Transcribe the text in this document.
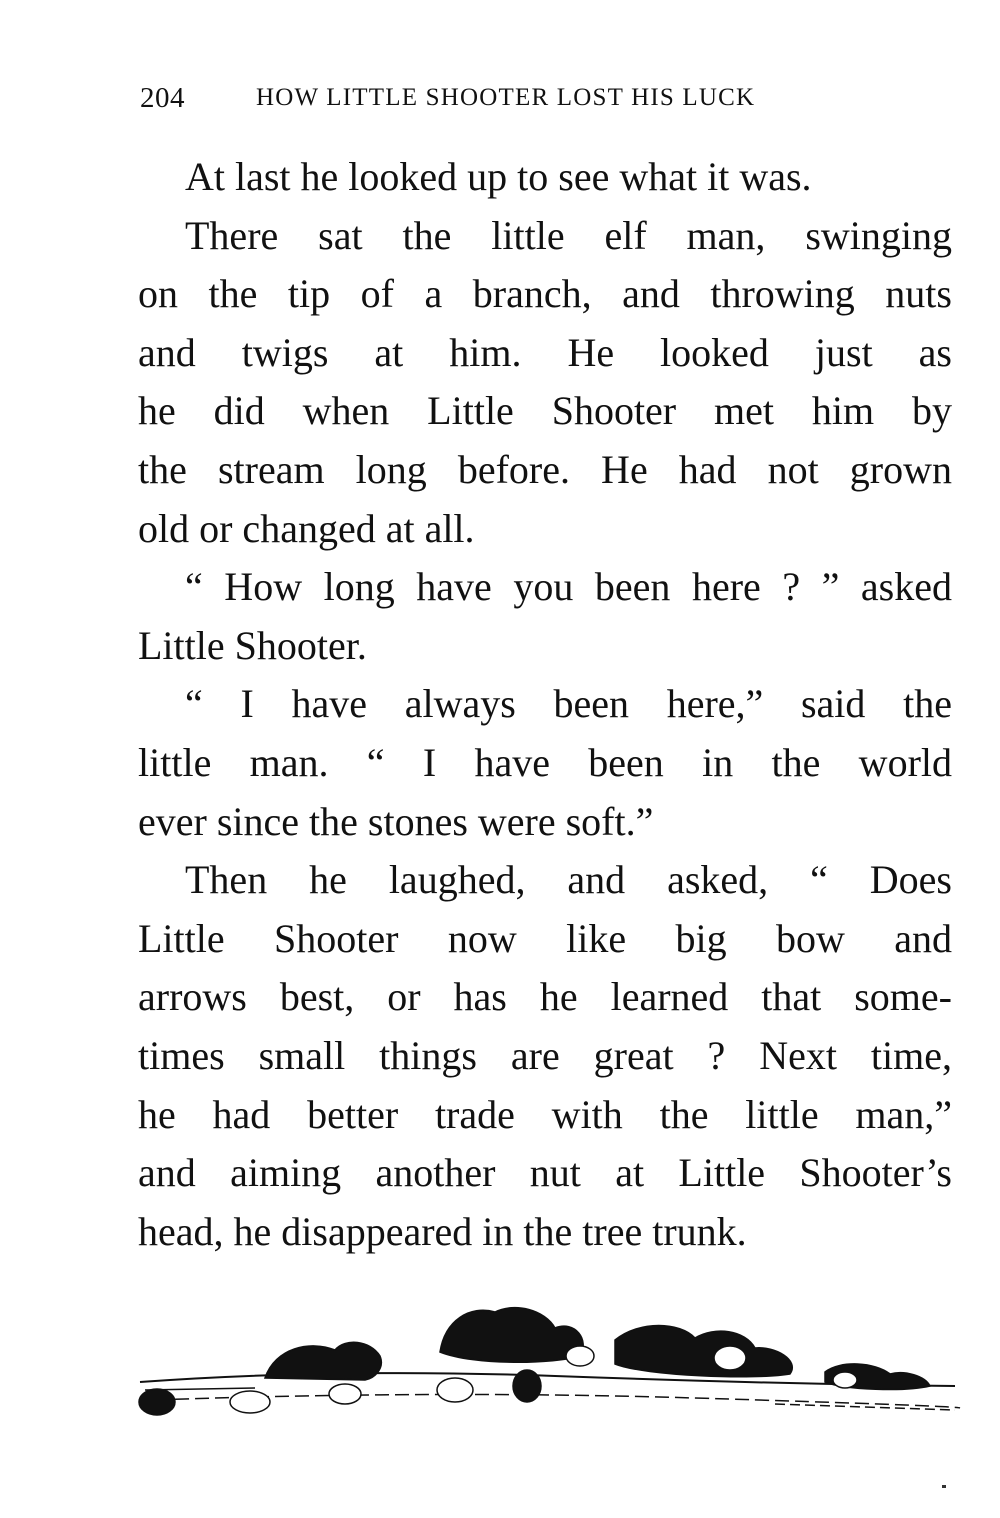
204	HOW LITTLE SHOOTER LOST HIS LUCK

At last he looked up to see what it was.

There sat the little elf man, swinging
on the tip of a branch, and throwing nuts
and twigs at him. He looked just as
he did when Little Shooter met him by
the stream long before. He had not grown
old or changed at all.

“ How long have you been here ? ” asked
Little Shooter.

“ I have always been here,” said the
little man. “ I have been in the world
ever since the stones were soft.”

Then he laughed, and asked, “ Does
Little Shooter now like big bow and
arrows best, or has he learned that some-
times small things are great ? Next time,
he had better trade with the little man,”
and aiming another nut at Little Shooter’s
head, he disappeared in the tree trunk.
